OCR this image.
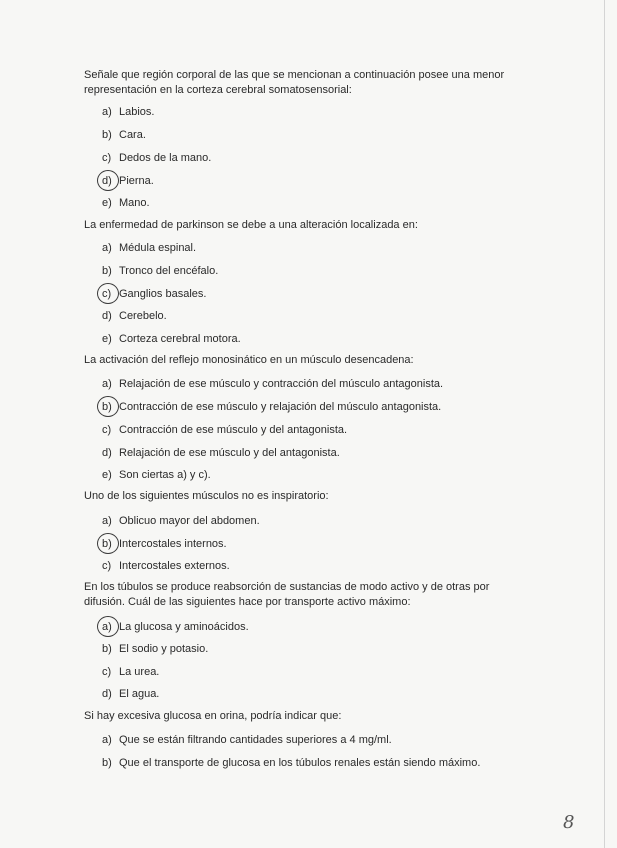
Señale que región corporal de las que se mencionan a continuación posee una menor representación en la corteza cerebral somatosensorial:
a) Labios.
b) Cara.
c) Dedos de la mano.
d) Pierna.
e) Mano.
La enfermedad de parkinson se debe a una alteración localizada en:
a) Médula espinal.
b) Tronco del encéfalo.
c) Ganglios basales.
d) Cerebelo.
e) Corteza cerebral motora.
La activación del reflejo monosinático en un músculo desencadena:
a) Relajación de ese músculo y contracción del músculo antagonista.
b) Contracción de ese músculo y relajación del músculo antagonista.
c) Contracción de ese músculo y del antagonista.
d) Relajación de ese músculo y del antagonista.
e) Son ciertas a) y c).
Uno de los siguientes músculos no es inspiratorio:
a) Oblicuo mayor del abdomen.
b) Intercostales internos.
c) Intercostales externos.
En los túbulos se produce reabsorción de sustancias de modo activo y de otras por difusión. Cuál de las siguientes hace por transporte activo máximo:
a) La glucosa y aminoácidos.
b) El sodio y potasio.
c) La urea.
d) El agua.
Si hay excesiva glucosa en orina, podría indicar que:
a) Que se están filtrando cantidades superiores a 4 mg/ml.
b) Que el transporte de glucosa en los túbulos renales están siendo máximo.
8
